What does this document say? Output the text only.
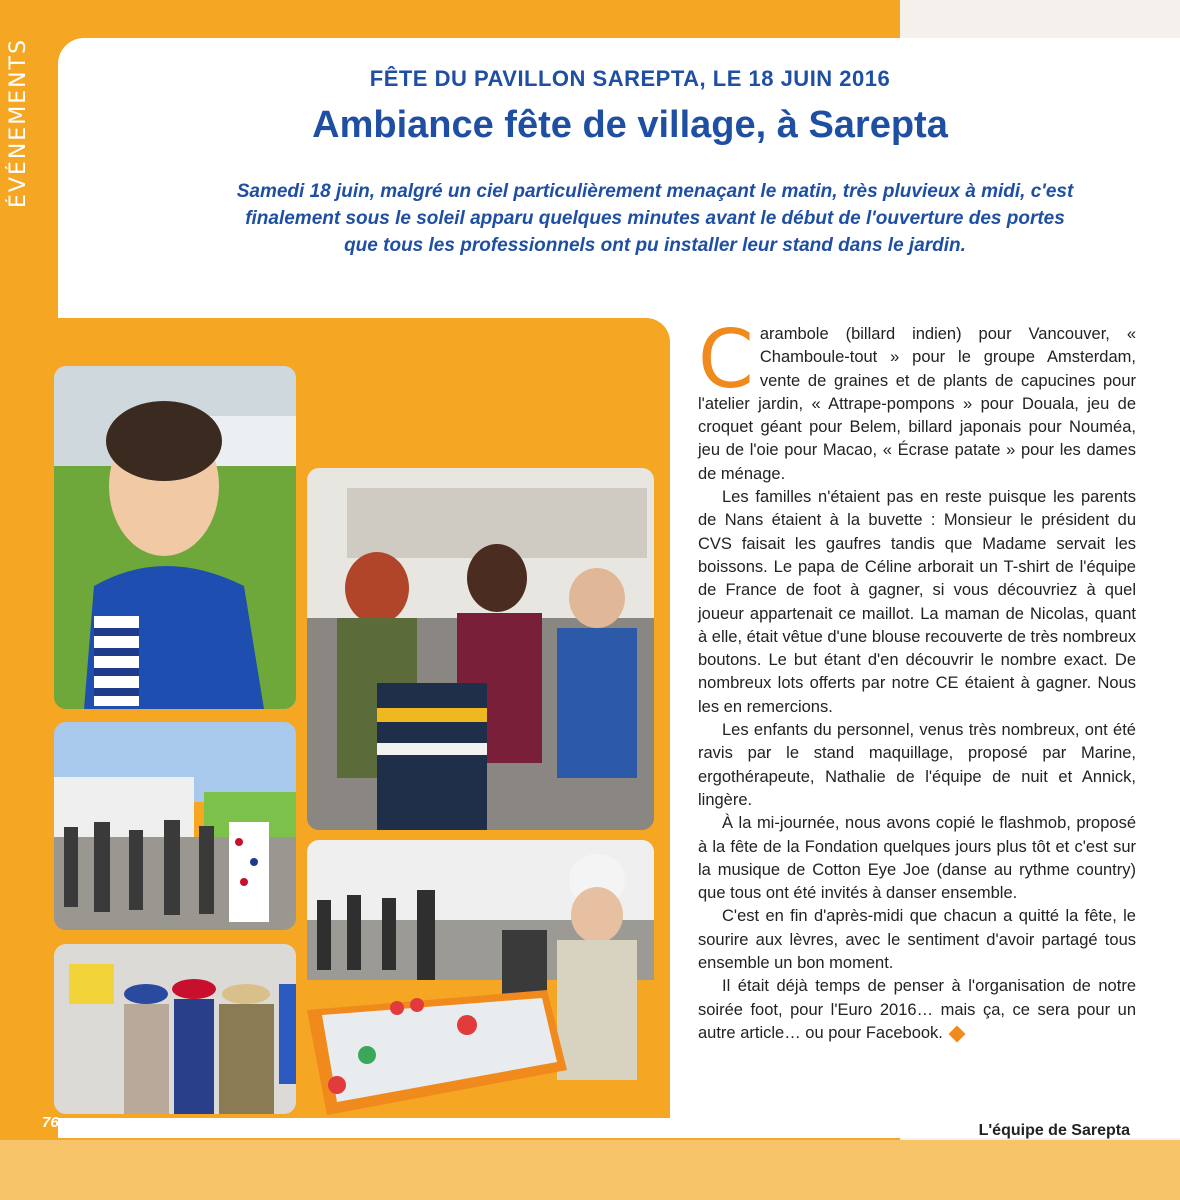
ÉVÉNEMENTS	FÊTE DU PAVILLON SAREPTA, LE 18 JUIN 2016
Ambiance fête de village, à Sarepta
Samedi 18 juin, malgré un ciel particulièrement menaçant le matin, très pluvieux à midi, c'est finalement sous le soleil apparu quelques minutes avant le début de l'ouverture des portes que tous les professionnels ont pu installer leur stand dans le jardin.

Carambole (billard indien) pour Vancouver, « Chamboule-tout » pour le groupe Amsterdam, vente de graines et de plants de capucines pour l'atelier jardin, « Attrape-pompons » pour Douala, jeu de croquet géant pour Belem, billard japonais pour Nouméa, jeu de l'oie pour Macao, « Écrase patate » pour les dames de ménage.

Les familles n'étaient pas en reste puisque les parents de Nans étaient à la buvette : Monsieur le président du CVS faisait les gaufres tandis que Madame servait les boissons. Le papa de Céline arborait un T-shirt de l'équipe de France de foot à gagner, si vous découvriez à quel joueur appartenait ce maillot. La maman de Nicolas, quant à elle, était vêtue d'une blouse recouverte de très nombreux boutons. Le but étant d'en découvrir le nombre exact. De nombreux lots offerts par notre CE étaient à gagner. Nous les en remercions.

Les enfants du personnel, venus très nombreux, ont été ravis par le stand maquillage, proposé par Marine, ergothérapeute, Nathalie de l'équipe de nuit et Annick, lingère.

À la mi-journée, nous avons copié le flashmob, proposé à la fête de la Fondation quelques jours plus tôt et c'est sur la musique de Cotton Eye Joe (danse au rythme country) que tous ont été invités à danser ensemble.

C'est en fin d'après-midi que chacun a quitté la fête, le sourire aux lèvres, avec le sentiment d'avoir partagé tous ensemble un bon moment.

Il était déjà temps de penser à l'organisation de notre soirée foot, pour l'Euro 2016… mais ça, ce sera pour un autre article… ou pour Facebook.

76	L'équipe de Sarepta
